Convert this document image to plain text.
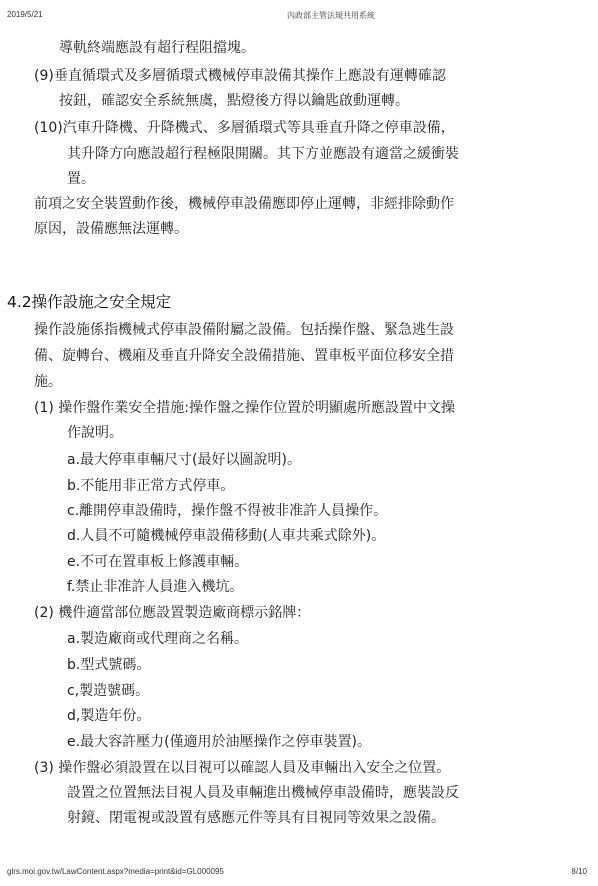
2019/5/21	內政部主管法規共用系統
導軌終端應設有超行程阻擋塊。
(9)垂直循環式及多層循環式機械停車設備其操作上應設有運轉確認
按鈕，確認安全系統無虞，點燈後方得以鑰匙啟動運轉。
(10)汽車升降機、升降機式、多層循環式等具垂直升降之停車設備，
其升降方向應設超行程極限開關。其下方並應設有適當之緩衝裝
置。
前項之安全裝置動作後，機械停車設備應即停止運轉，非經排除動作
原因，設備應無法運轉。
4.2操作設施之安全規定
操作設施係指機械式停車設備附屬之設備。包括操作盤、緊急逃生設
備、旋轉台、機廂及垂直升降安全設備措施、置車板平面位移安全措
施。
(1) 操作盤作業安全措施:操作盤之操作位置於明顯處所應設置中文操
作說明。
a.最大停車車輛尺寸(最好以圖說明)。
b.不能用非正常方式停車。
c.離開停車設備時，操作盤不得被非准許人員操作。
d.人員不可隨機械停車設備移動(人車共乘式除外)。
e.不可在置車板上修護車輛。
f.禁止非准許人員進入機坑。
(2) 機件適當部位應設置製造廠商標示銘牌：
a.製造廠商或代理商之名稱。
b.型式號碼。
c,製造號碼。
d,製造年份。
e.最大容許壓力(僅適用於油壓操作之停車裝置)。
(3) 操作盤必須設置在以目視可以確認人員及車輛出入安全之位置。
設置之位置無法目視人員及車輛進出機械停車設備時，應裝設反
射鏡、閉電視或設置有感應元件等具有目視同等效果之設備。
glrs.moi.gov.tw/LawContent.aspx?media=print&id=GL000095	8/10
